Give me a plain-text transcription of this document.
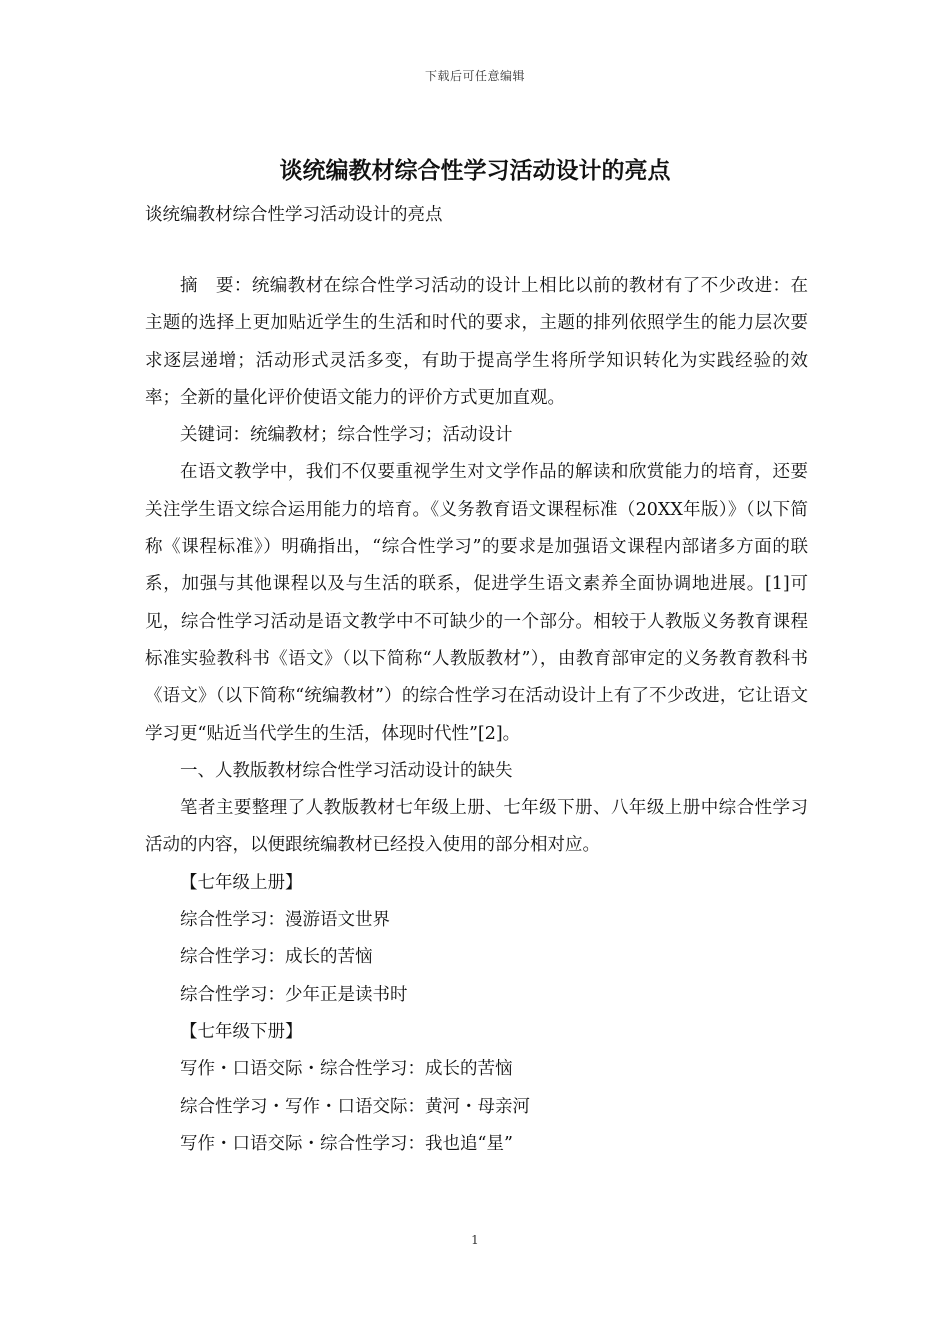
下载后可任意编辑
谈统编教材综合性学习活动设计的亮点
谈统编教材综合性学习活动设计的亮点

摘　要：统编教材在综合性学习活动的设计上相比以前的教材有了不少改进：在主题的选择上更加贴近学生的生活和时代的要求，主题的排列依照学生的能力层次要求逐层递增；活动形式灵活多变，有助于提高学生将所学知识转化为实践经验的效率；全新的量化评价使语文能力的评价方式更加直观。

关键词：统编教材；综合性学习；活动设计

在语文教学中，我们不仅要重视学生对文学作品的解读和欣赏能力的培育，还要关注学生语文综合运用能力的培育。《义务教育语文课程标准（20XX年版）》（以下简称《课程标准》）明确指出，“综合性学习”的要求是加强语文课程内部诸多方面的联系，加强与其他课程以及与生活的联系，促进学生语文素养全面协调地进展。[1]可见，综合性学习活动是语文教学中不可缺少的一个部分。相较于人教版义务教育课程标准实验教科书《语文》（以下简称“人教版教材”），由教育部审定的义务教育教科书《语文》（以下简称“统编教材”）的综合性学习在活动设计上有了不少改进，它让语文学习更“贴近当代学生的生活，体现时代性”[2]。

一、人教版教材综合性学习活动设计的缺失

笔者主要整理了人教版教材七年级上册、七年级下册、八年级上册中综合性学习活动的内容，以便跟统编教材已经投入使用的部分相对应。

【七年级上册】

综合性学习：漫游语文世界

综合性学习：成长的苦恼

综合性学习：少年正是读书时

【七年级下册】

写作・口语交际・综合性学习：成长的苦恼

综合性学习・写作・口语交际：黄河・母亲河

写作・口语交际・综合性学习：我也追“星”

1
